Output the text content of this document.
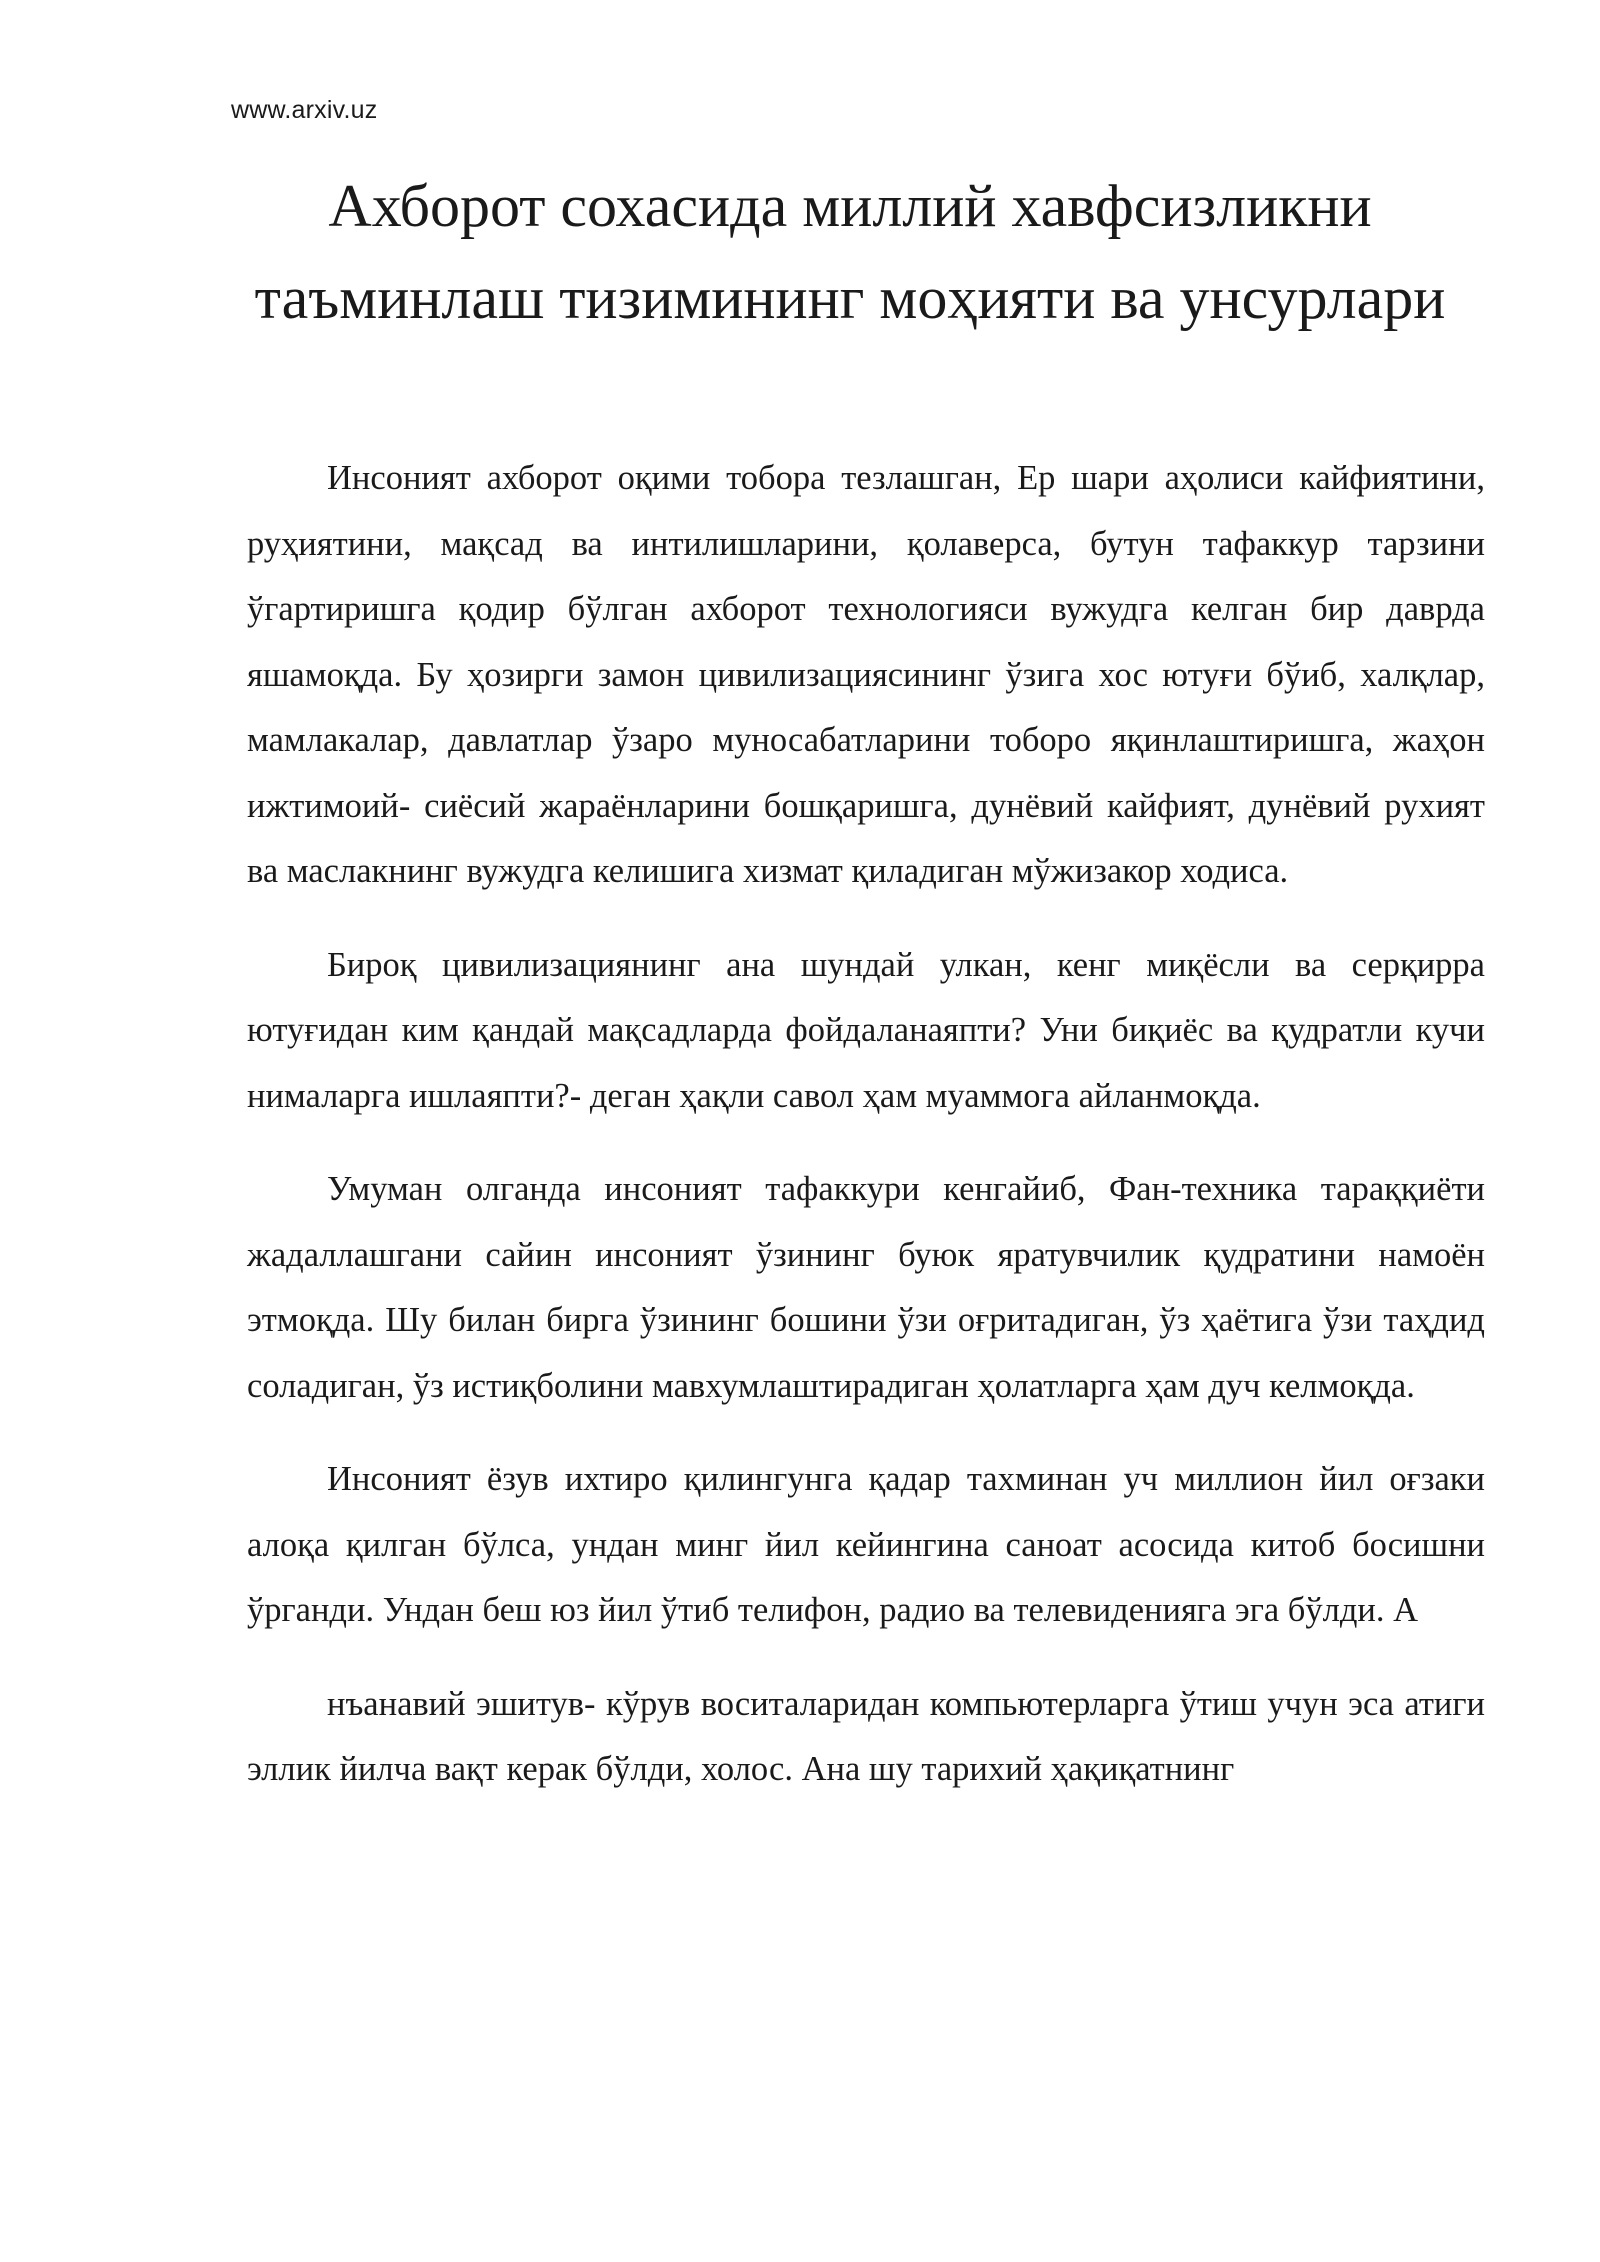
www.arxiv.uz
Ахборот сохасида миллий хавфсизликни
таъминлаш тизимининг моҳияти ва унсурлари

Инсоният ахборот оқими тобора тезлашган, Ер шари аҳолиси кайфиятини, руҳиятини, мақсад ва интилишларини, қолаверса, бутун тафаккур тарзини ўгартиришга қодир бўлган ахборот технологияси вужудга келган бир даврда яшамоқда. Бу ҳозирги замон цивилизациясининг ўзига хос ютуғи бўиб, халқлар, мамлакалар, давлатлар ўзаро муносабатларини тоборо яқинлаштиришга, жаҳон ижтимоий- сиёсий жараёнларини бошқаришга, дунёвий кайфият, дунёвий рухият ва маслакнинг вужудга келишига хизмат қиладиган мўжизакор ходиса.

Бироқ цивилизациянинг ана шундай улкан, кенг миқёсли ва серқирра ютуғидан ким қандай мақсадларда фойдаланаяпти? Уни биқиёс ва қудратли кучи нималарга ишлаяпти?- деган ҳақли савол ҳам муаммога айланмоқда.

Умуман олганда инсоният тафаккури кенгайиб, Фан-техника тараққиёти жадаллашгани сайин инсоният ўзининг буюк яратувчилик қудратини намоён этмоқда. Шу билан бирга ўзининг бошини ўзи оғритадиган, ўз ҳаётига ўзи таҳдид соладиган, ўз истиқболини мавхумлаштирадиган ҳолатларга ҳам дуч келмоқда.

Инсоният ёзув ихтиро қилингунга қадар тахминан уч миллион йил оғзаки алоқа қилган бўлса, ундан минг йил кейингина саноат асосида китоб босишни ўрганди. Ундан беш юз йил ўтиб телифон, радио ва телевиденияга эга бўлди. А

нъанавий эшитув- кўрув воситаларидан компьютерларга ўтиш учун эса атиги эллик йилча вақт керак бўлди, холос. Ана шу тарихий ҳақиқатнинг
